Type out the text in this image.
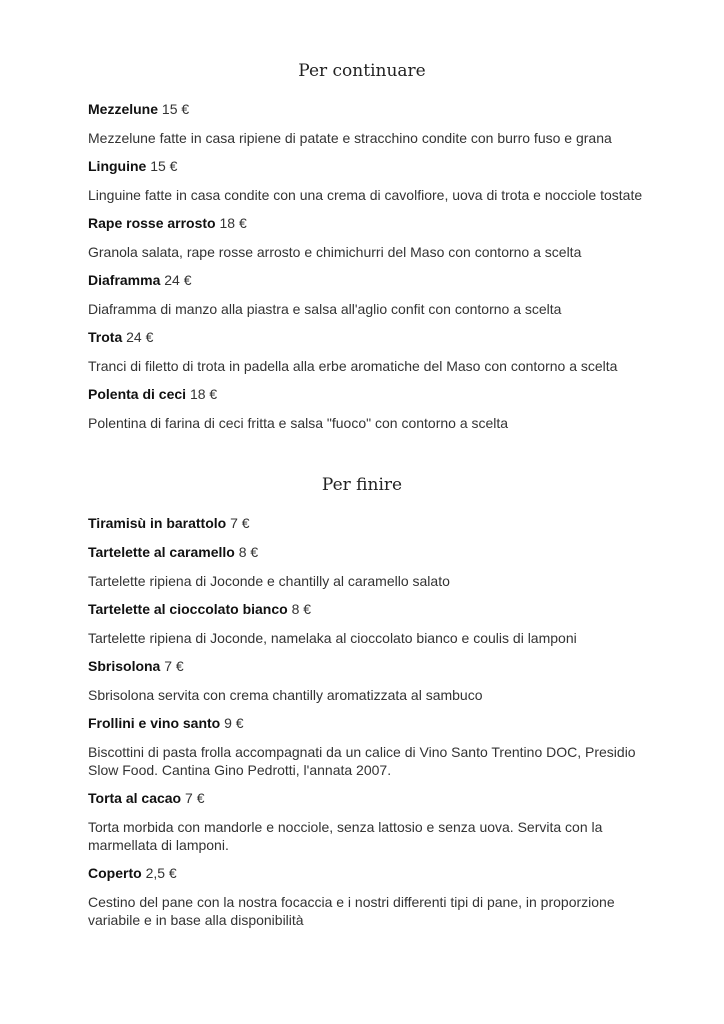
Per continuare
Mezzelune 15 €
Mezzelune fatte in casa ripiene di patate e stracchino condite con burro fuso e grana
Linguine 15 €
Linguine fatte in casa condite con una crema di cavolfiore, uova di trota e nocciole tostate
Rape rosse arrosto 18 €
Granola salata, rape rosse arrosto e chimichurri del Maso con contorno a scelta
Diaframma 24 €
Diaframma di manzo alla piastra e salsa all'aglio confit con contorno a scelta
Trota 24 €
Tranci di filetto di trota in padella alla erbe aromatiche del Maso con contorno a scelta
Polenta di ceci 18 €
Polentina di farina di ceci fritta e salsa "fuoco" con contorno a scelta
Per finire
Tiramisù in barattolo 7 €
Tartelette al caramello 8 €
Tartelette ripiena di Joconde e chantilly al caramello salato
Tartelette al cioccolato bianco 8 €
Tartelette ripiena di Joconde, namelaka al cioccolato bianco e coulis di lamponi
Sbrisolona 7 €
Sbrisolona servita con crema chantilly aromatizzata al sambuco
Frollini e vino santo 9 €
Biscottini di pasta frolla accompagnati da un calice di Vino Santo Trentino DOC, Presidio Slow Food. Cantina Gino Pedrotti, l'annata 2007.
Torta al cacao 7 €
Torta morbida con mandorle e nocciole, senza lattosio e senza uova. Servita con la marmellata di lamponi.
Coperto 2,5 €
Cestino del pane con la nostra focaccia e i nostri differenti tipi di pane, in proporzione variabile e in base alla disponibilità
